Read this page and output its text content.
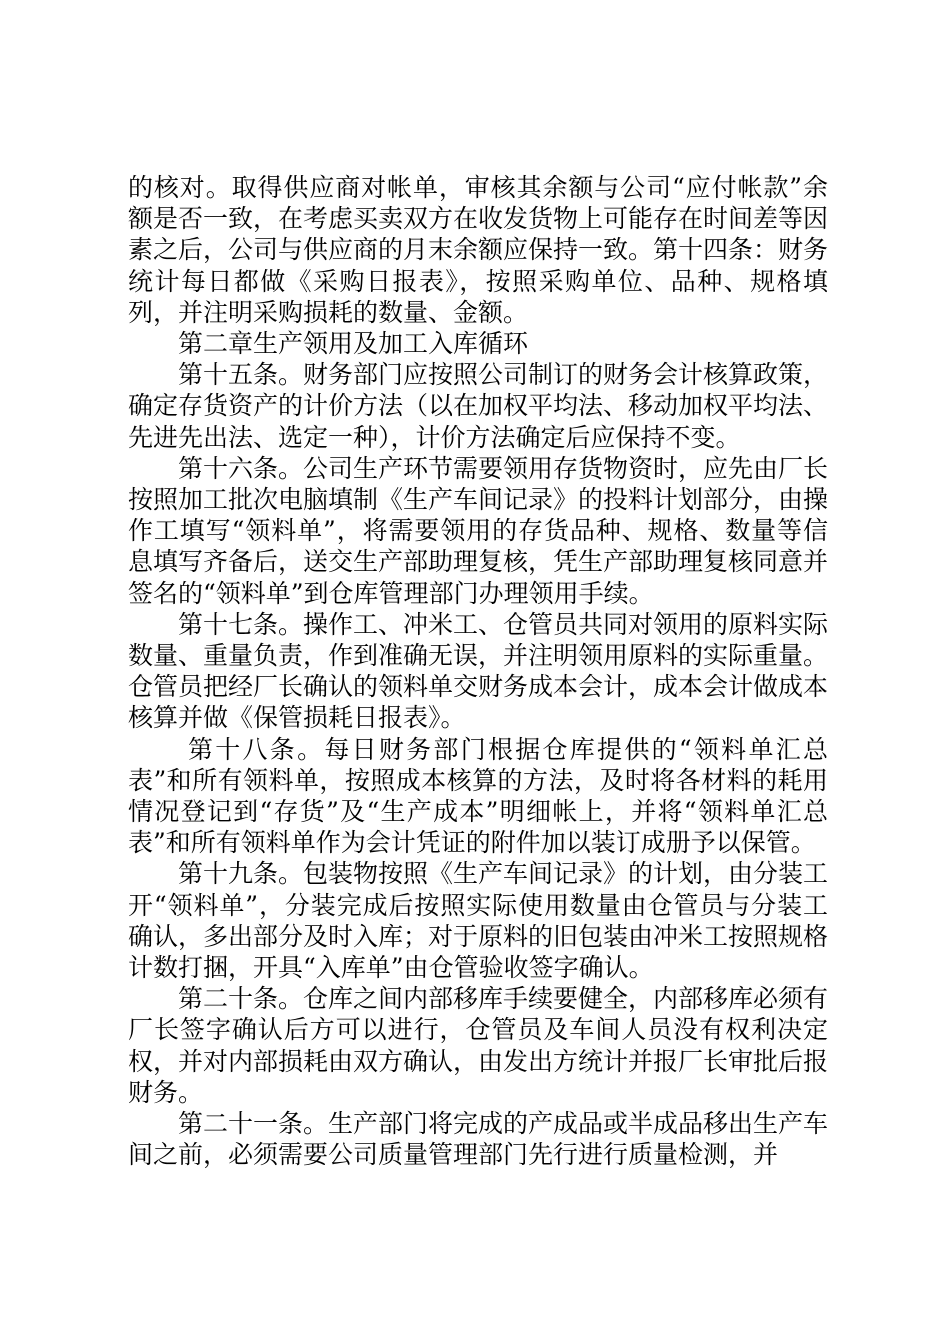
的核对。取得供应商对帐单，审核其余额与公司“应付帐款”余额是否一致，在考虑买卖双方在收发货物上可能存在时间差等因素之后，公司与供应商的月末余额应保持一致。第十四条：财务统计每日都做《采购日报表》，按照采购单位、品种、规格填列，并注明采购损耗的数量、金额。

第二章生产领用及加工入库循环

第十五条。财务部门应按照公司制订的财务会计核算政策，确定存货资产的计价方法（以在加权平均法、移动加权平均法、先进先出法、选定一种），计价方法确定后应保持不变。

第十六条。公司生产环节需要领用存货物资时，应先由厂长按照加工批次电脑填制《生产车间记录》的投料计划部分，由操作工填写“领料单”，将需要领用的存货品种、规格、数量等信息填写齐备后，送交生产部助理复核，凭生产部助理复核同意并签名的“领料单”到仓库管理部门办理领用手续。

第十七条。操作工、冲米工、仓管员共同对领用的原料实际数量、重量负责，作到准确无误，并注明领用原料的实际重量。仓管员把经厂长确认的领料单交财务成本会计，成本会计做成本核算并做《保管损耗日报表》。

第十八条。每日财务部门根据仓库提供的“领料单汇总表”和所有领料单，按照成本核算的方法，及时将各材料的耗用情况登记到“存货”及“生产成本”明细帐上，并将“领料单汇总表”和所有领料单作为会计凭证的附件加以装订成册予以保管。

第十九条。包装物按照《生产车间记录》的计划，由分装工开“领料单”，分装完成后按照实际使用数量由仓管员与分装工确认，多出部分及时入库；对于原料的旧包装由冲米工按照规格计数打捆，开具“入库单”由仓管验收签字确认。

第二十条。仓库之间内部移库手续要健全，内部移库必须有厂长签字确认后方可以进行，仓管员及车间人员没有权利决定权，并对内部损耗由双方确认，由发出方统计并报厂长审批后报财务。

第二十一条。生产部门将完成的产成品或半成品移出生产车间之前，必须需要公司质量管理部门先行进行质量检测，并
